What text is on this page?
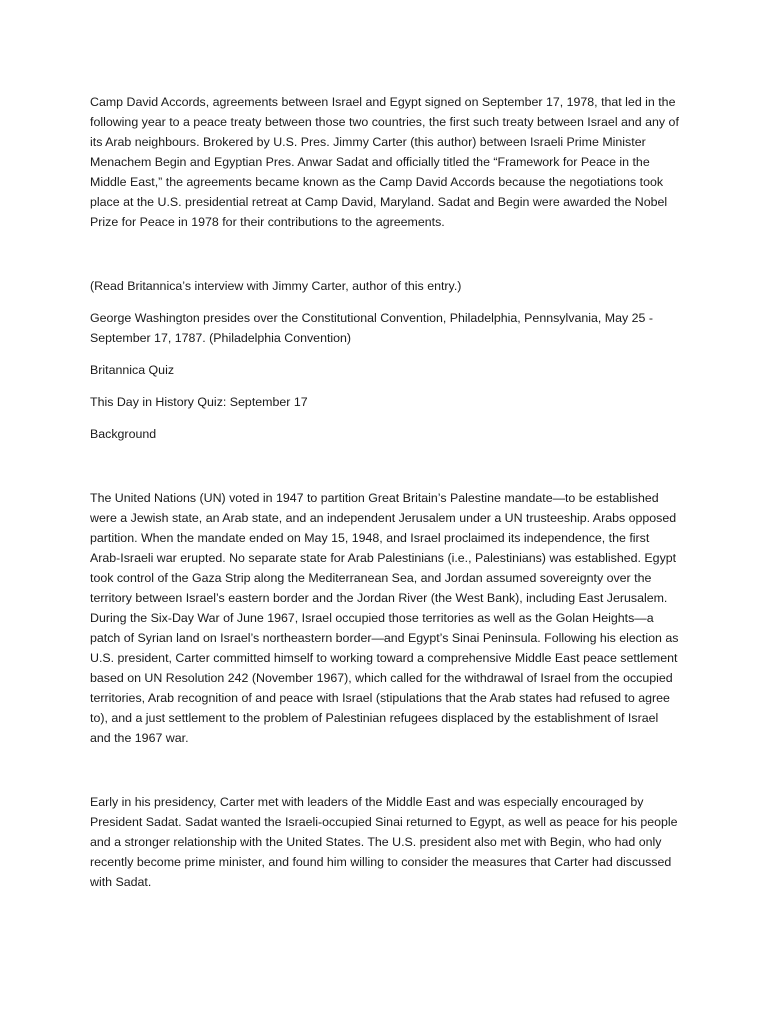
Camp David Accords, agreements between Israel and Egypt signed on September 17, 1978, that led in the following year to a peace treaty between those two countries, the first such treaty between Israel and any of its Arab neighbours. Brokered by U.S. Pres. Jimmy Carter (this author) between Israeli Prime Minister Menachem Begin and Egyptian Pres. Anwar Sadat and officially titled the “Framework for Peace in the Middle East,” the agreements became known as the Camp David Accords because the negotiations took place at the U.S. presidential retreat at Camp David, Maryland. Sadat and Begin were awarded the Nobel Prize for Peace in 1978 for their contributions to the agreements.

(Read Britannica’s interview with Jimmy Carter, author of this entry.)

George Washington presides over the Constitutional Convention, Philadelphia, Pennsylvania, May 25 - September 17, 1787. (Philadelphia Convention)

Britannica Quiz

This Day in History Quiz: September 17

Background

The United Nations (UN) voted in 1947 to partition Great Britain’s Palestine mandate—to be established were a Jewish state, an Arab state, and an independent Jerusalem under a UN trusteeship. Arabs opposed partition. When the mandate ended on May 15, 1948, and Israel proclaimed its independence, the first Arab-Israeli war erupted. No separate state for Arab Palestinians (i.e., Palestinians) was established. Egypt took control of the Gaza Strip along the Mediterranean Sea, and Jordan assumed sovereignty over the territory between Israel’s eastern border and the Jordan River (the West Bank), including East Jerusalem. During the Six-Day War of June 1967, Israel occupied those territories as well as the Golan Heights—a patch of Syrian land on Israel’s northeastern border—and Egypt’s Sinai Peninsula. Following his election as U.S. president, Carter committed himself to working toward a comprehensive Middle East peace settlement based on UN Resolution 242 (November 1967), which called for the withdrawal of Israel from the occupied territories, Arab recognition of and peace with Israel (stipulations that the Arab states had refused to agree to), and a just settlement to the problem of Palestinian refugees displaced by the establishment of Israel and the 1967 war.

Early in his presidency, Carter met with leaders of the Middle East and was especially encouraged by President Sadat. Sadat wanted the Israeli-occupied Sinai returned to Egypt, as well as peace for his people and a stronger relationship with the United States. The U.S. president also met with Begin, who had only recently become prime minister, and found him willing to consider the measures that Carter had discussed with Sadat.
